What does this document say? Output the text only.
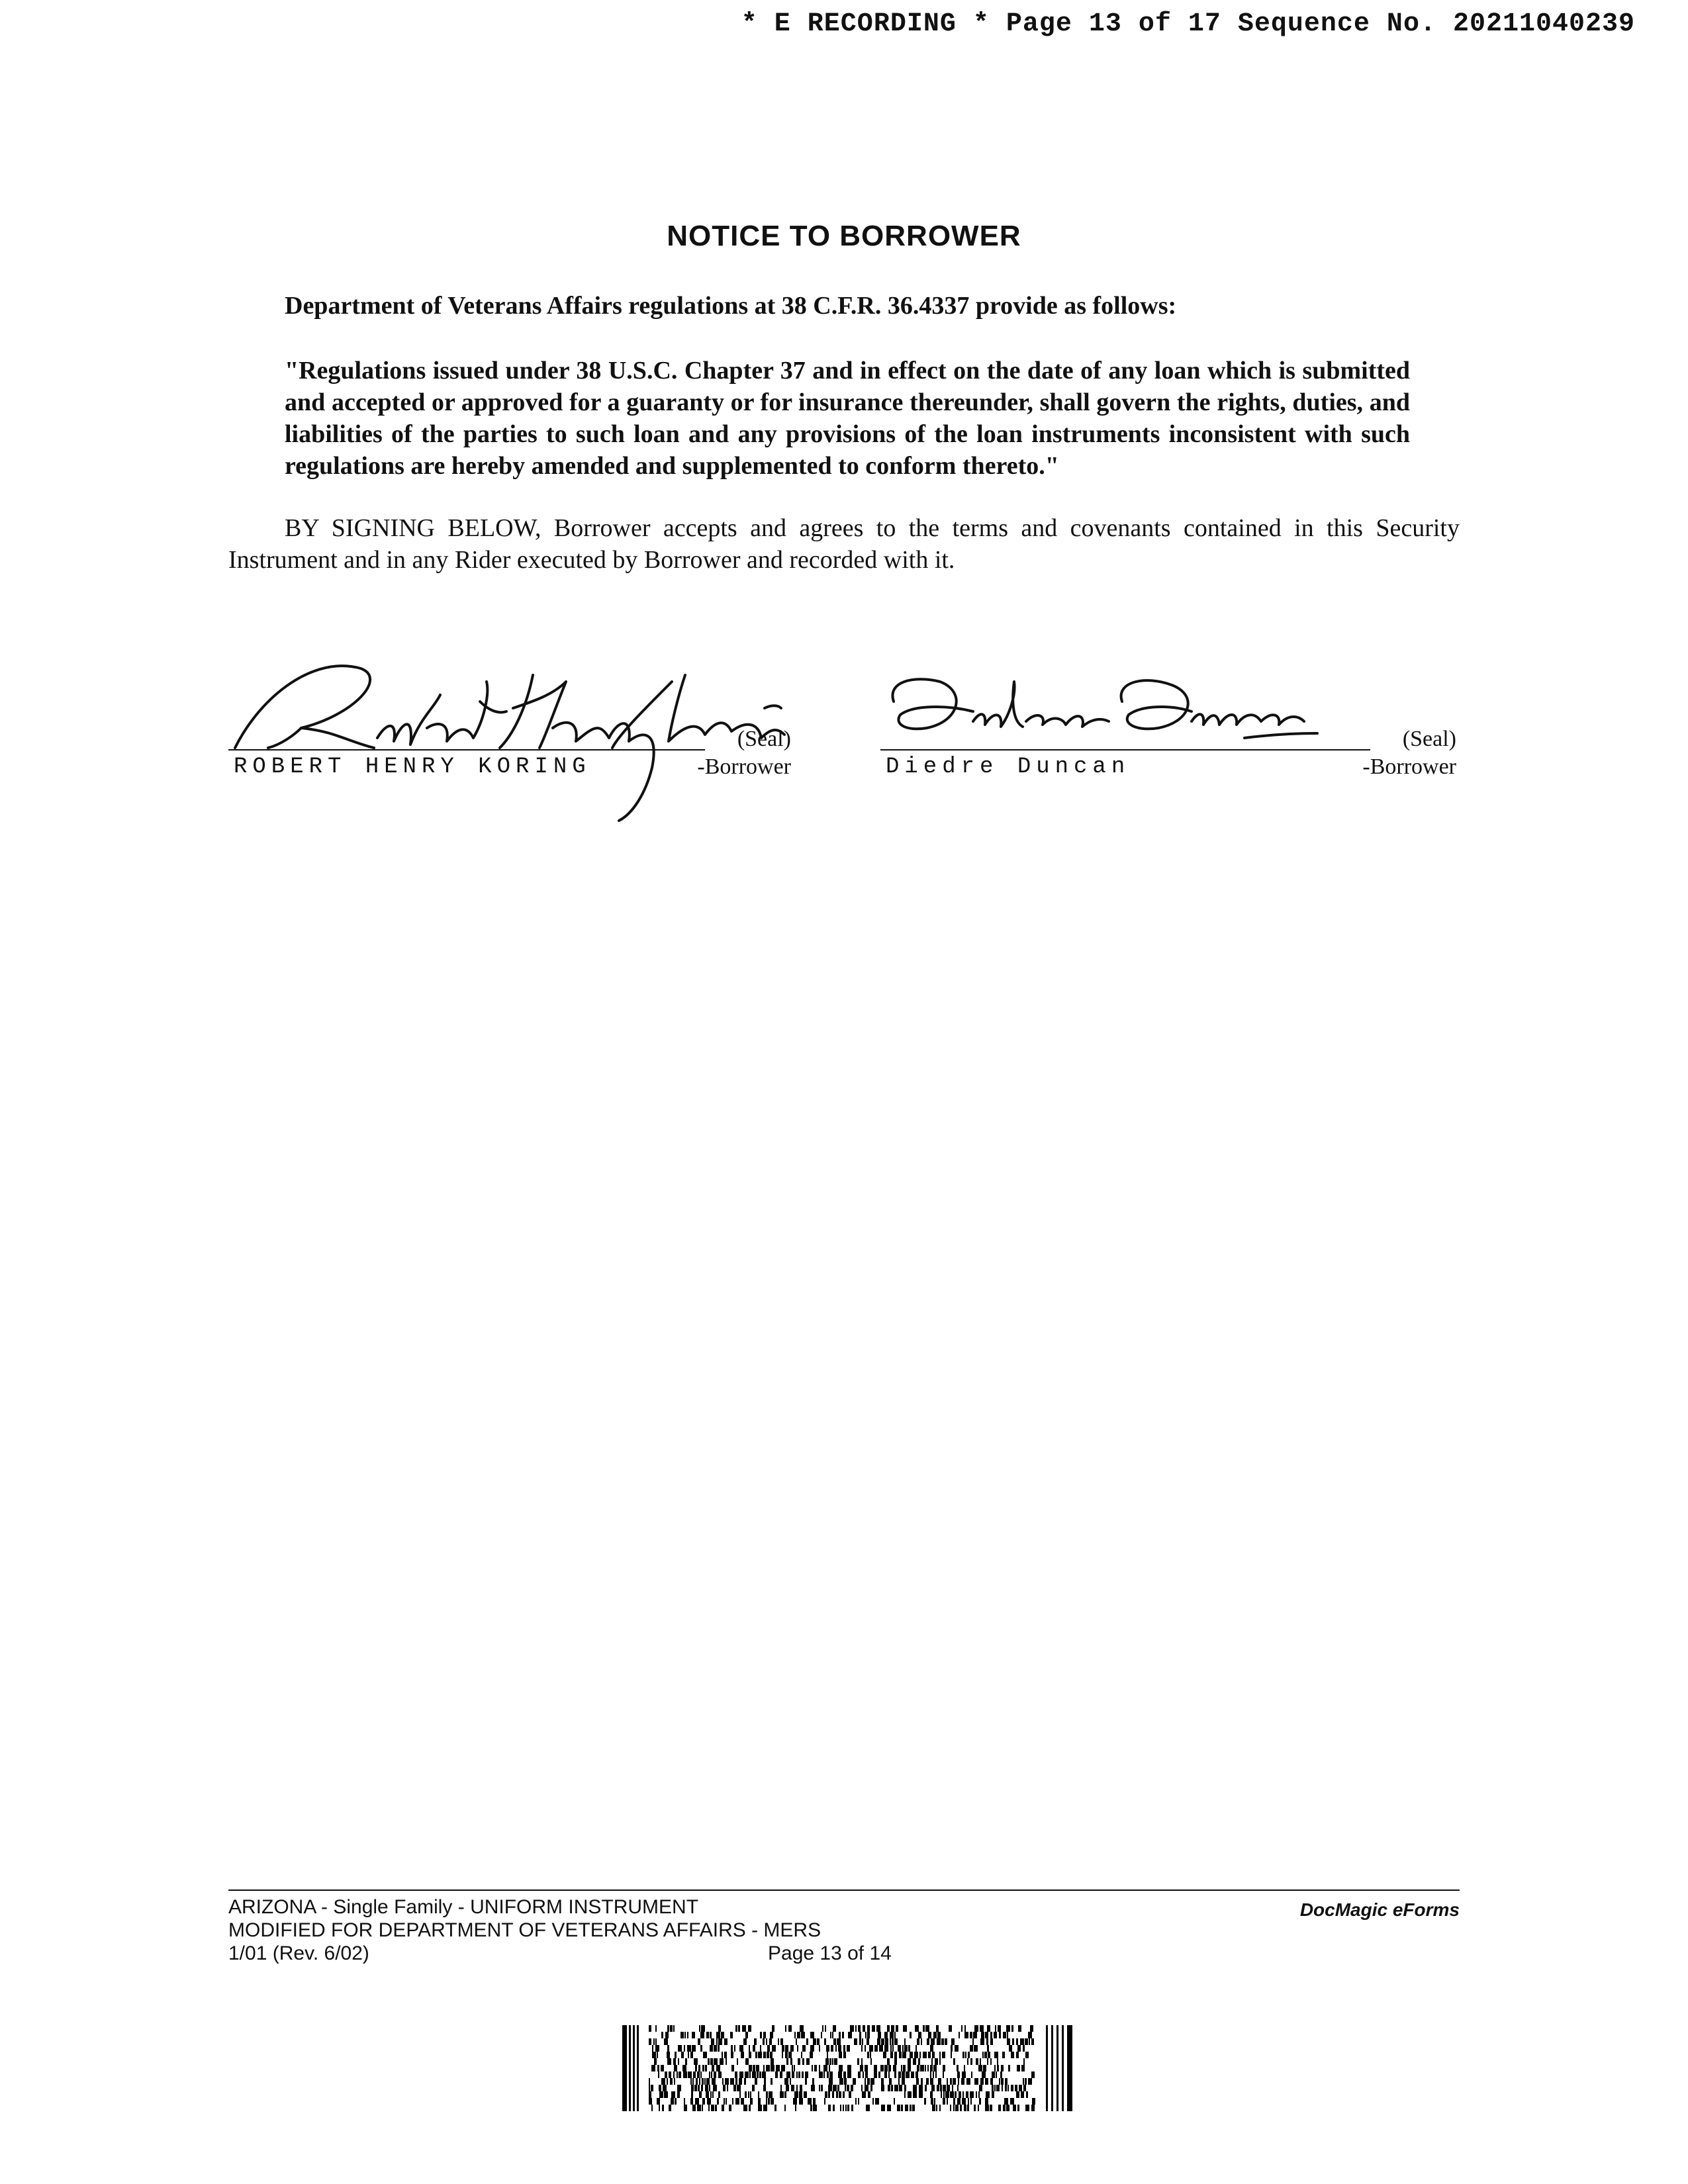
* E RECORDING * Page 13 of 17 Sequence No. 20211040239
NOTICE TO BORROWER
Department of Veterans Affairs regulations at 38 C.F.R. 36.4337 provide as follows:
"Regulations issued under 38 U.S.C. Chapter 37 and in effect on the date of any loan which is submitted and accepted or approved for a guaranty or for insurance thereunder, shall govern the rights, duties, and liabilities of the parties to such loan and any provisions of the loan instruments inconsistent with such regulations are hereby amended and supplemented to conform thereto."
BY SIGNING BELOW, Borrower accepts and agrees to the terms and covenants contained in this Security Instrument and in any Rider executed by Borrower and recorded with it.
(Seal)
ROBERT HENRY KORING	-Borrower
(Seal)
Diedre Duncan	-Borrower
ARIZONA - Single Family - UNIFORM INSTRUMENT
MODIFIED FOR DEPARTMENT OF VETERANS AFFAIRS - MERS
1/01 (Rev. 6/02)	Page 13 of 14
DocMagic eForms
